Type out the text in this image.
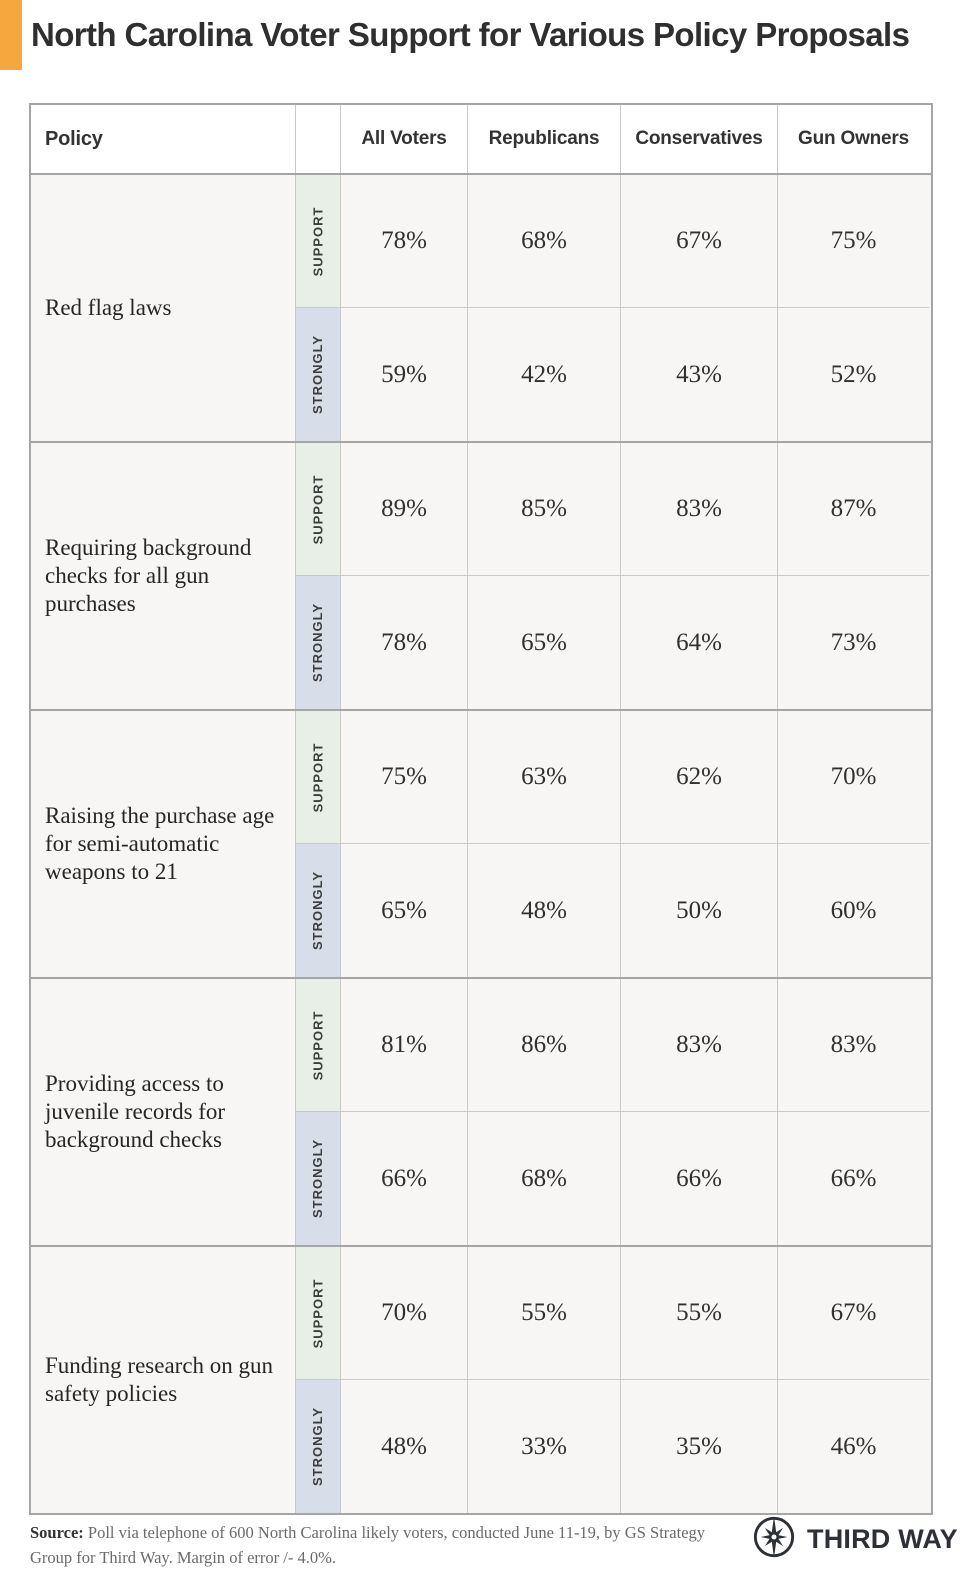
North Carolina Voter Support for Various Policy Proposals
Policy	All Voters	Republicans	Conservatives	Gun Owners
Red flag laws
SUPPORT	78%	68%	67%	75%
STRONGLY	59%	42%	43%	52%
Requiring background checks for all gun purchases
SUPPORT	89%	85%	83%	87%
STRONGLY	78%	65%	64%	73%
Raising the purchase age for semi-automatic weapons to 21
SUPPORT	75%	63%	62%	70%
STRONGLY	65%	48%	50%	60%
Providing access to juvenile records for background checks
SUPPORT	81%	86%	83%	83%
STRONGLY	66%	68%	66%	66%
Funding research on gun safety policies
SUPPORT	70%	55%	55%	67%
STRONGLY	48%	33%	35%	46%

Source: Poll via telephone of 600 North Carolina likely voters, conducted June 11-19, by GS Strategy Group for Third Way. Margin of error /- 4.0%.

THIRD WAY
